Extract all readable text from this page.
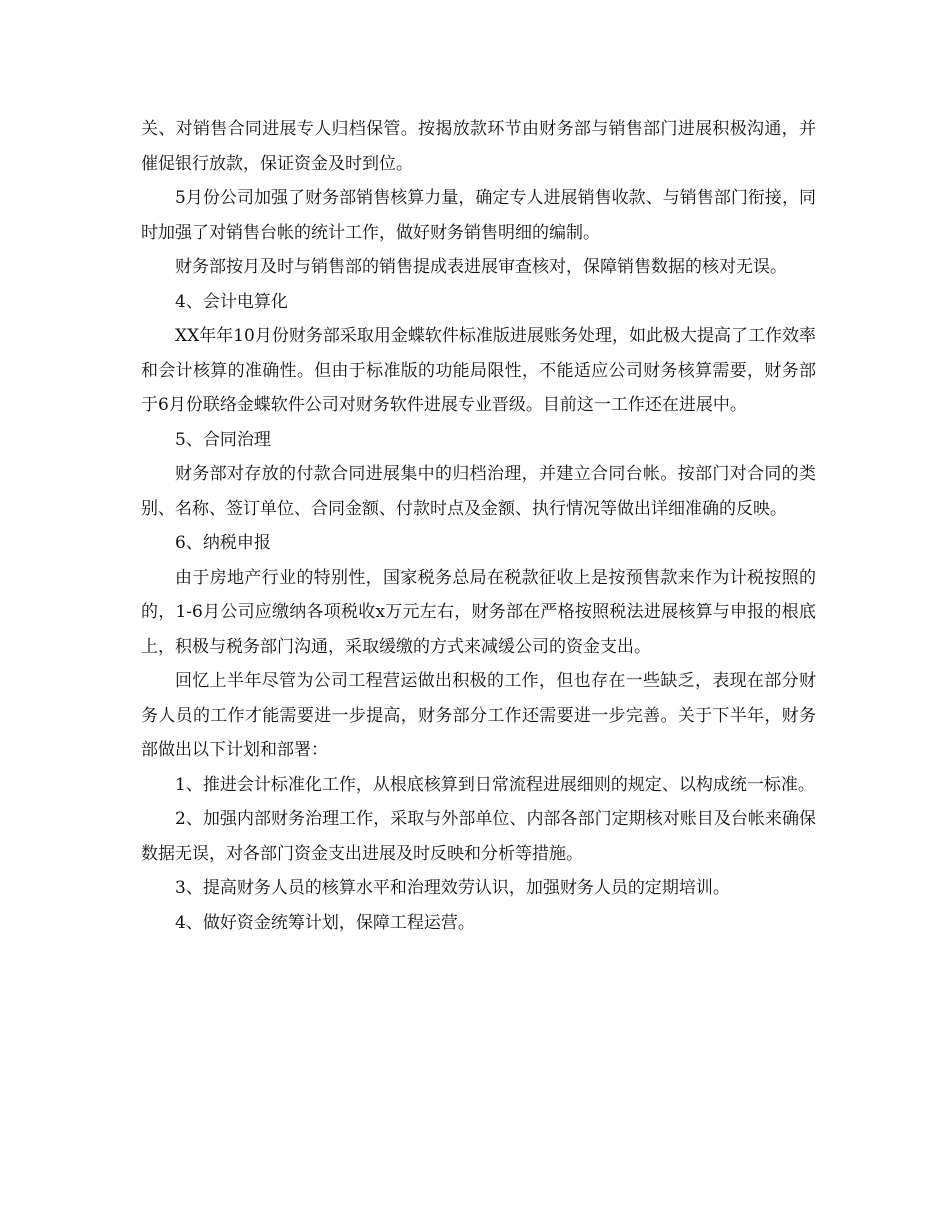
关、对销售合同进展专人归档保管。按揭放款环节由财务部与销售部门进展积极沟通，并催促银行放款，保证资金及时到位。

5月份公司加强了财务部销售核算力量，确定专人进展销售收款、与销售部门衔接，同时加强了对销售台帐的统计工作，做好财务销售明细的编制。

财务部按月及时与销售部的销售提成表进展审查核对，保障销售数据的核对无误。

4、会计电算化

XX年年10月份财务部采取用金蝶软件标准版进展账务处理，如此极大提高了工作效率和会计核算的准确性。但由于标准版的功能局限性，不能适应公司财务核算需要，财务部于6月份联络金蝶软件公司对财务软件进展专业晋级。目前这一工作还在进展中。

5、合同治理

财务部对存放的付款合同进展集中的归档治理，并建立合同台帐。按部门对合同的类别、名称、签订单位、合同金额、付款时点及金额、执行情况等做出详细准确的反映。

6、纳税申报

由于房地产行业的特别性，国家税务总局在税款征收上是按预售款来作为计税按照的的，1-6月公司应缴纳各项税收x万元左右，财务部在严格按照税法进展核算与申报的根底上，积极与税务部门沟通，采取缓缴的方式来减缓公司的资金支出。

回忆上半年尽管为公司工程营运做出积极的工作，但也存在一些缺乏，表现在部分财务人员的工作才能需要进一步提高，财务部分工作还需要进一步完善。关于下半年，财务部做出以下计划和部署：

1、推进会计标准化工作，从根底核算到日常流程进展细则的规定、以构成统一标准。

2、加强内部财务治理工作，采取与外部单位、内部各部门定期核对账目及台帐来确保数据无误，对各部门资金支出进展及时反映和分析等措施。

3、提高财务人员的核算水平和治理效劳认识，加强财务人员的定期培训。

4、做好资金统筹计划，保障工程运营。
